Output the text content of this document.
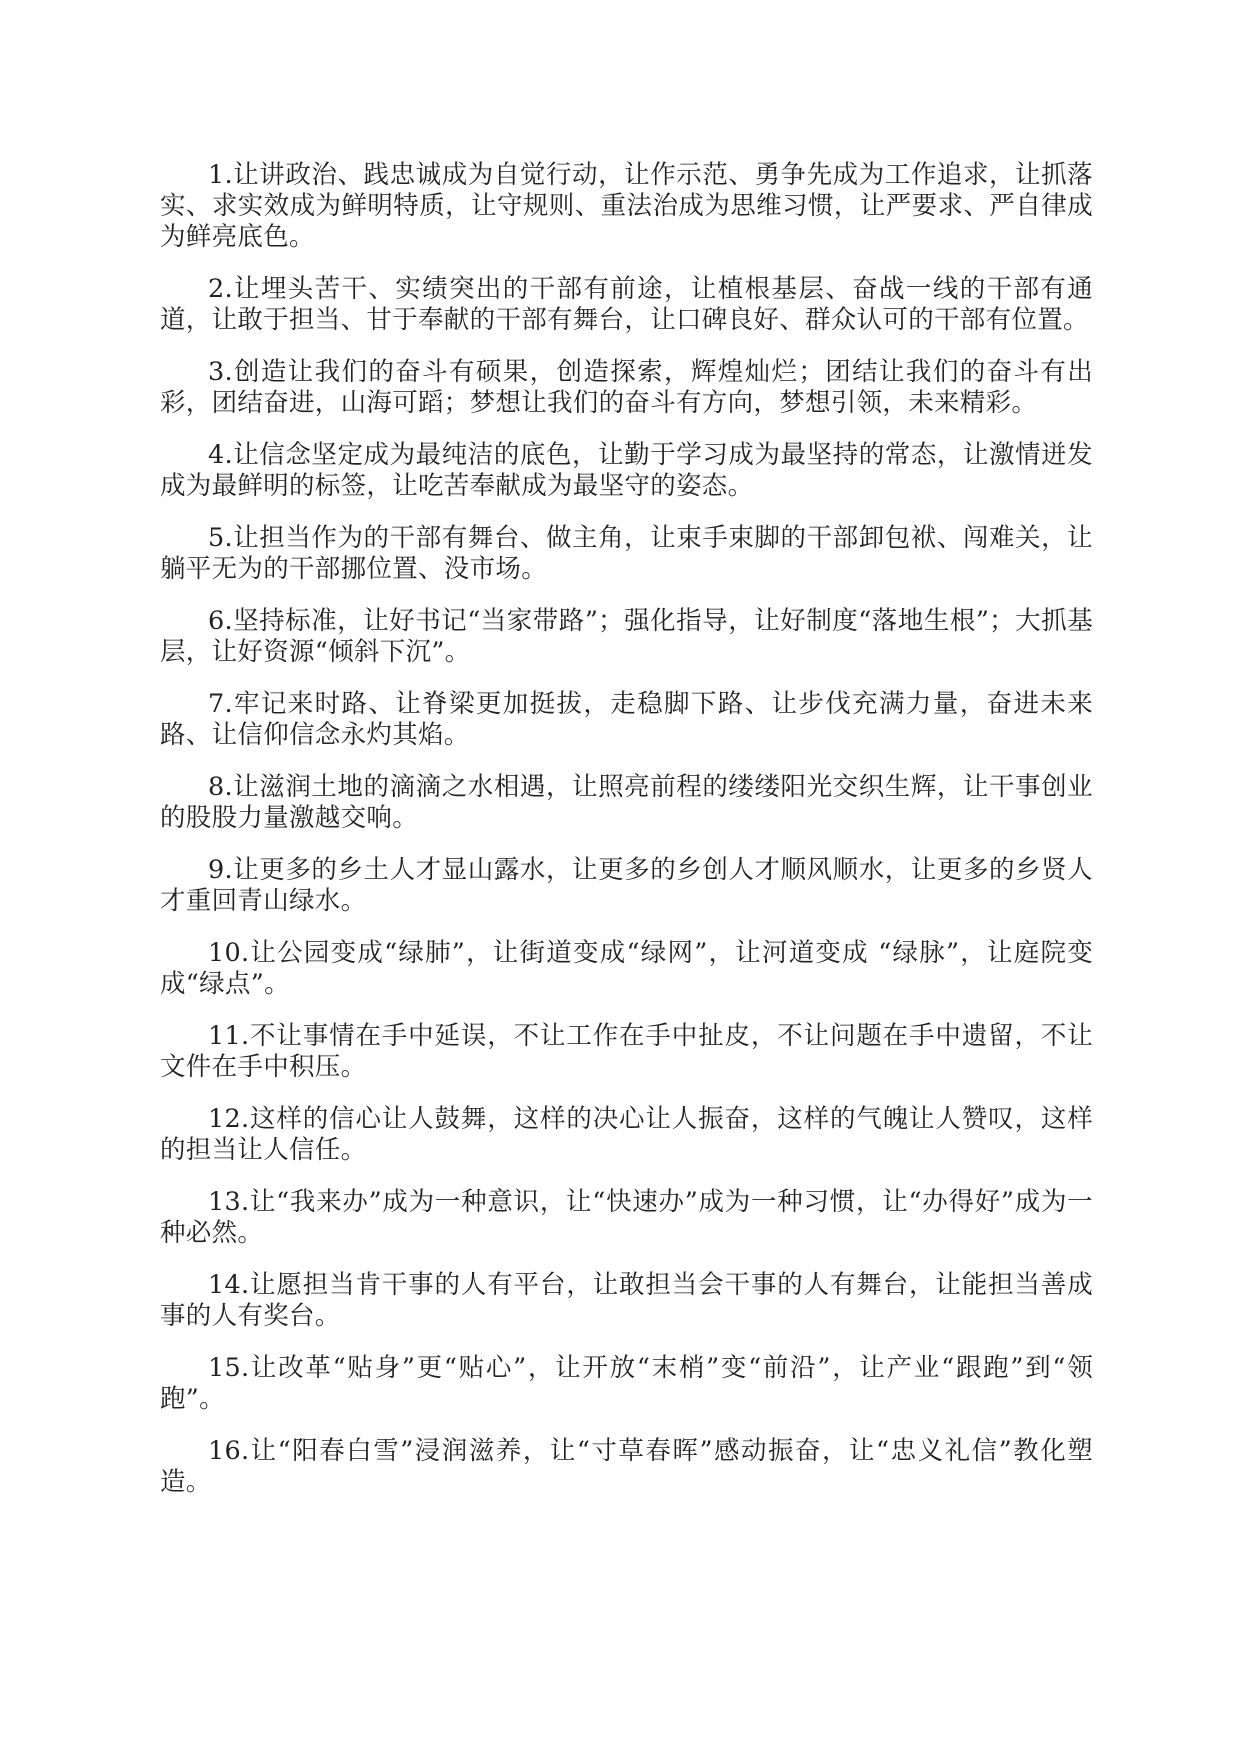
1.让讲政治、践忠诚成为自觉行动，让作示范、勇争先成为工作追求，让抓落实、求实效成为鲜明特质，让守规则、重法治成为思维习惯，让严要求、严自律成为鲜亮底色。

2.让埋头苦干、实绩突出的干部有前途，让植根基层、奋战一线的干部有通道，让敢于担当、甘于奉献的干部有舞台，让口碑良好、群众认可的干部有位置。

3.创造让我们的奋斗有硕果，创造探索，辉煌灿烂；团结让我们的奋斗有出彩，团结奋进，山海可蹈；梦想让我们的奋斗有方向，梦想引领，未来精彩。

4.让信念坚定成为最纯洁的底色，让勤于学习成为最坚持的常态，让激情迸发成为最鲜明的标签，让吃苦奉献成为最坚守的姿态。

5.让担当作为的干部有舞台、做主角，让束手束脚的干部卸包袱、闯难关，让躺平无为的干部挪位置、没市场。

6.坚持标准，让好书记“当家带路”；强化指导，让好制度“落地生根”；大抓基层，让好资源“倾斜下沉”。

7.牢记来时路、让脊梁更加挺拔，走稳脚下路、让步伐充满力量，奋进未来路、让信仰信念永灼其焰。

8.让滋润土地的滴滴之水相遇，让照亮前程的缕缕阳光交织生辉，让干事创业的股股力量激越交响。

9.让更多的乡土人才显山露水，让更多的乡创人才顺风顺水，让更多的乡贤人才重回青山绿水。

10.让公园变成“绿肺”，让街道变成“绿网”，让河道变成 “绿脉”，让庭院变成“绿点”。

11.不让事情在手中延误，不让工作在手中扯皮，不让问题在手中遗留，不让文件在手中积压。

12.这样的信心让人鼓舞，这样的决心让人振奋，这样的气魄让人赞叹，这样的担当让人信任。

13.让“我来办”成为一种意识，让“快速办”成为一种习惯，让“办得好”成为一种必然。

14.让愿担当肯干事的人有平台，让敢担当会干事的人有舞台，让能担当善成事的人有奖台。

15.让改革“贴身”更“贴心”，让开放“末梢”变“前沿”，让产业“跟跑”到“领跑”。

16.让“阳春白雪”浸润滋养，让“寸草春晖”感动振奋，让“忠义礼信”教化塑造。
